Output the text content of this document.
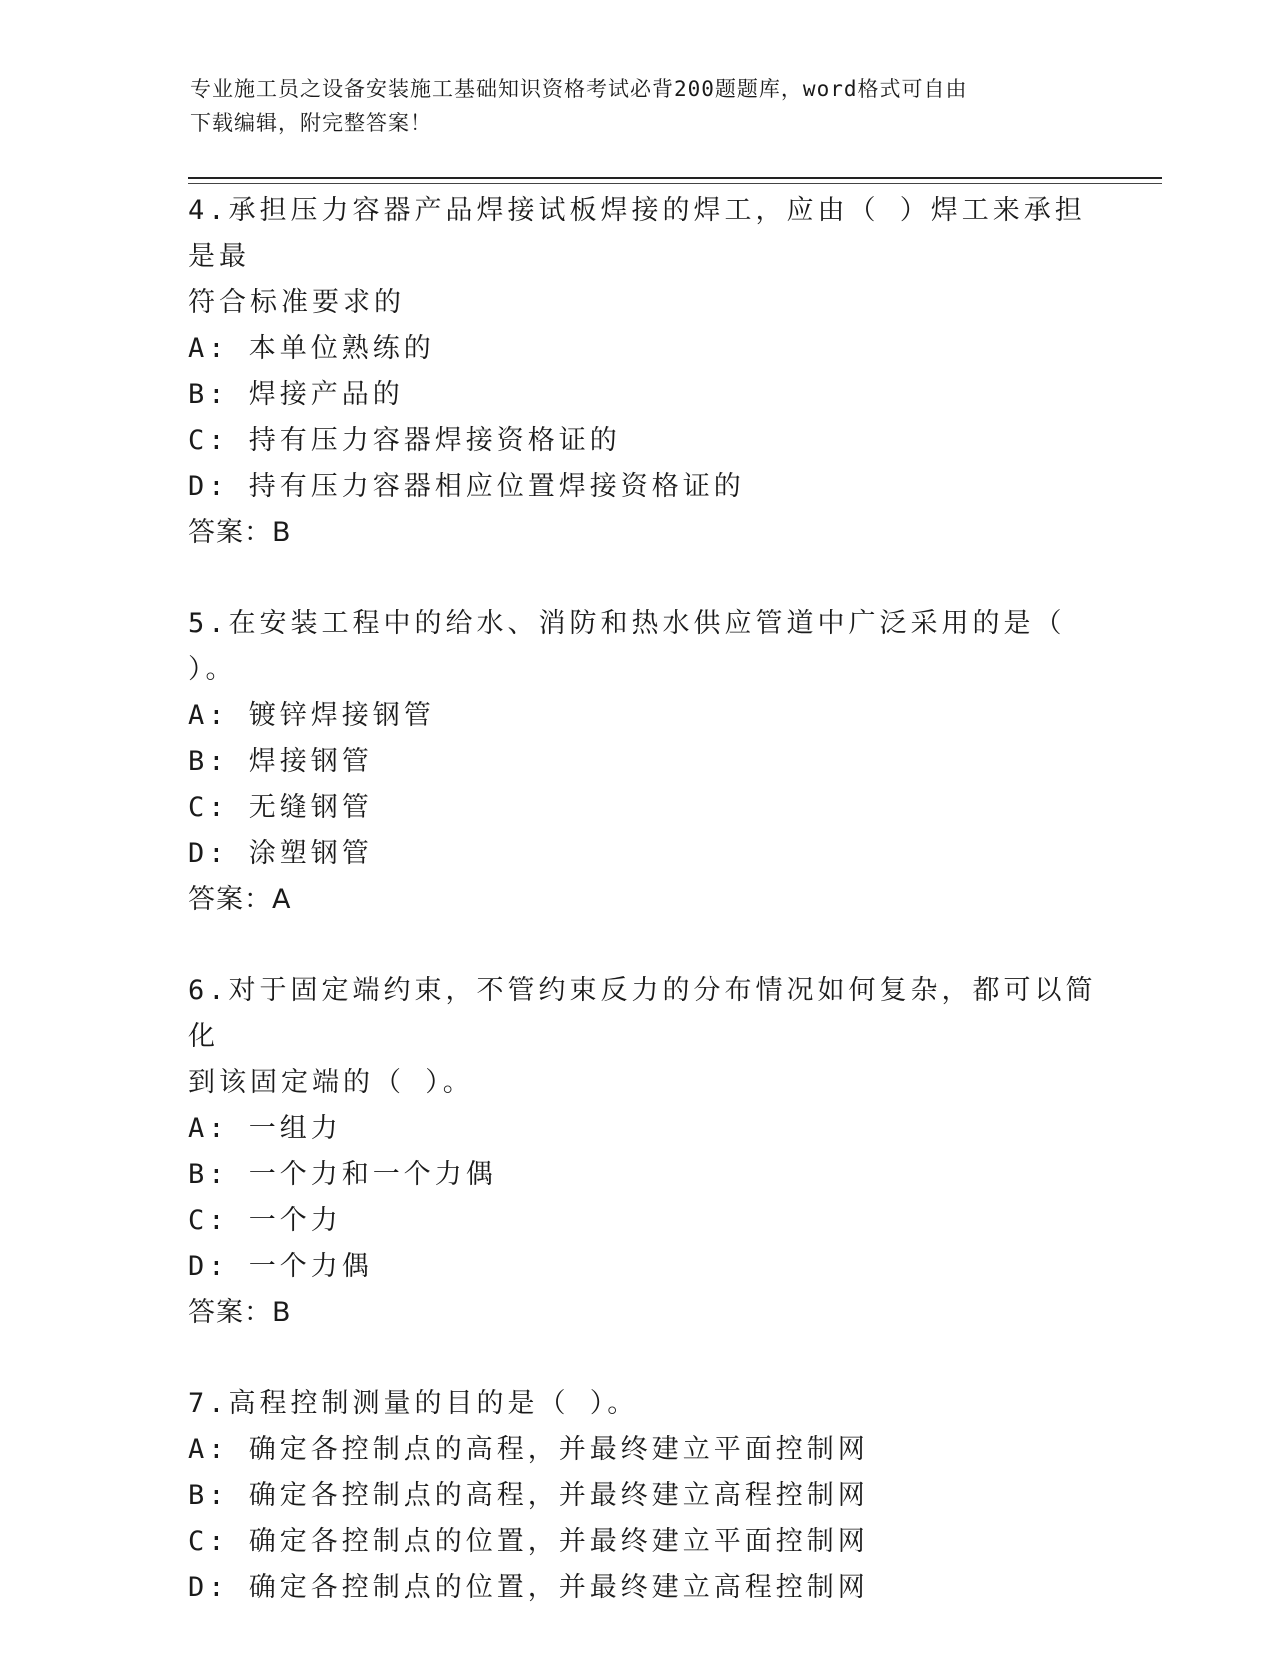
专业施工员之设备安装施工基础知识资格考试必背200题题库，word格式可自由
下载编辑，附完整答案！

4.承担压力容器产品焊接试板焊接的焊工，应由（ ）焊工来承担是最

符合标准要求的

A: 本单位熟练的

B: 焊接产品的

C: 持有压力容器焊接资格证的

D: 持有压力容器相应位置焊接资格证的

答案：B

5.在安装工程中的给水、消防和热水供应管道中广泛采用的是（ ）。

A: 镀锌焊接钢管

B: 焊接钢管

C: 无缝钢管

D: 涂塑钢管

答案：A

6.对于固定端约束，不管约束反力的分布情况如何复杂，都可以简化

到该固定端的（ ）。

A: 一组力

B: 一个力和一个力偶

C: 一个力

D: 一个力偶

答案：B

7.高程控制测量的目的是（ ）。

A: 确定各控制点的高程，并最终建立平面控制网

B: 确定各控制点的高程，并最终建立高程控制网

C: 确定各控制点的位置，并最终建立平面控制网

D: 确定各控制点的位置，并最终建立高程控制网
